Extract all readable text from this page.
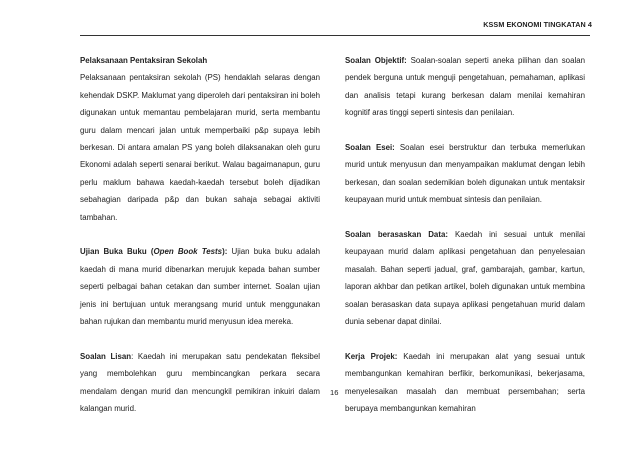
KSSM EKONOMI TINGKATAN 4

Pelaksanaan Pentaksiran Sekolah
Pelaksanaan pentaksiran sekolah (PS) hendaklah selaras dengan kehendak DSKP. Maklumat yang diperoleh dari pentaksiran ini boleh digunakan untuk memantau pembelajaran murid, serta membantu guru dalam mencari jalan untuk memperbaiki p&p supaya lebih berkesan. Di antara amalan PS yang boleh dilaksanakan oleh guru Ekonomi adalah seperti senarai berikut. Walau bagaimanapun, guru perlu maklum bahawa kaedah-kaedah tersebut boleh dijadikan sebahagian daripada p&p dan bukan sahaja sebagai aktiviti tambahan.

Ujian Buka Buku (Open Book Tests): Ujian buka buku adalah kaedah di mana murid dibenarkan merujuk kepada bahan sumber seperti pelbagai bahan cetakan dan sumber internet. Soalan ujian jenis ini bertujuan untuk merangsang murid untuk menggunakan bahan rujukan dan membantu murid menyusun idea mereka.

Soalan Lisan: Kaedah ini merupakan satu pendekatan fleksibel yang membolehkan guru membincangkan perkara secara mendalam dengan murid dan mencungkil pemikiran inkuiri dalam kalangan murid.

Soalan Objektif: Soalan-soalan seperti aneka pilihan dan soalan pendek berguna untuk menguji pengetahuan, pemahaman, aplikasi dan analisis tetapi kurang berkesan dalam menilai kemahiran kognitif aras tinggi seperti sintesis dan penilaian.

Soalan Esei: Soalan esei berstruktur dan terbuka memerlukan murid untuk menyusun dan menyampaikan maklumat dengan lebih berkesan, dan soalan sedemikian boleh digunakan untuk mentaksir keupayaan murid untuk membuat sintesis dan penilaian.

Soalan berasaskan Data: Kaedah ini sesuai untuk menilai keupayaan murid dalam aplikasi pengetahuan dan penyelesaian masalah. Bahan seperti jadual, graf, gambarajah, gambar, kartun, laporan akhbar dan petikan artikel, boleh digunakan untuk membina soalan berasaskan data supaya aplikasi pengetahuan murid dalam dunia sebenar dapat dinilai.

Kerja Projek: Kaedah ini merupakan alat yang sesuai untuk membangunkan kemahiran berfikir, berkomunikasi, bekerjasama, menyelesaikan masalah dan membuat persembahan; serta berupaya membangunkan kemahiran

16
